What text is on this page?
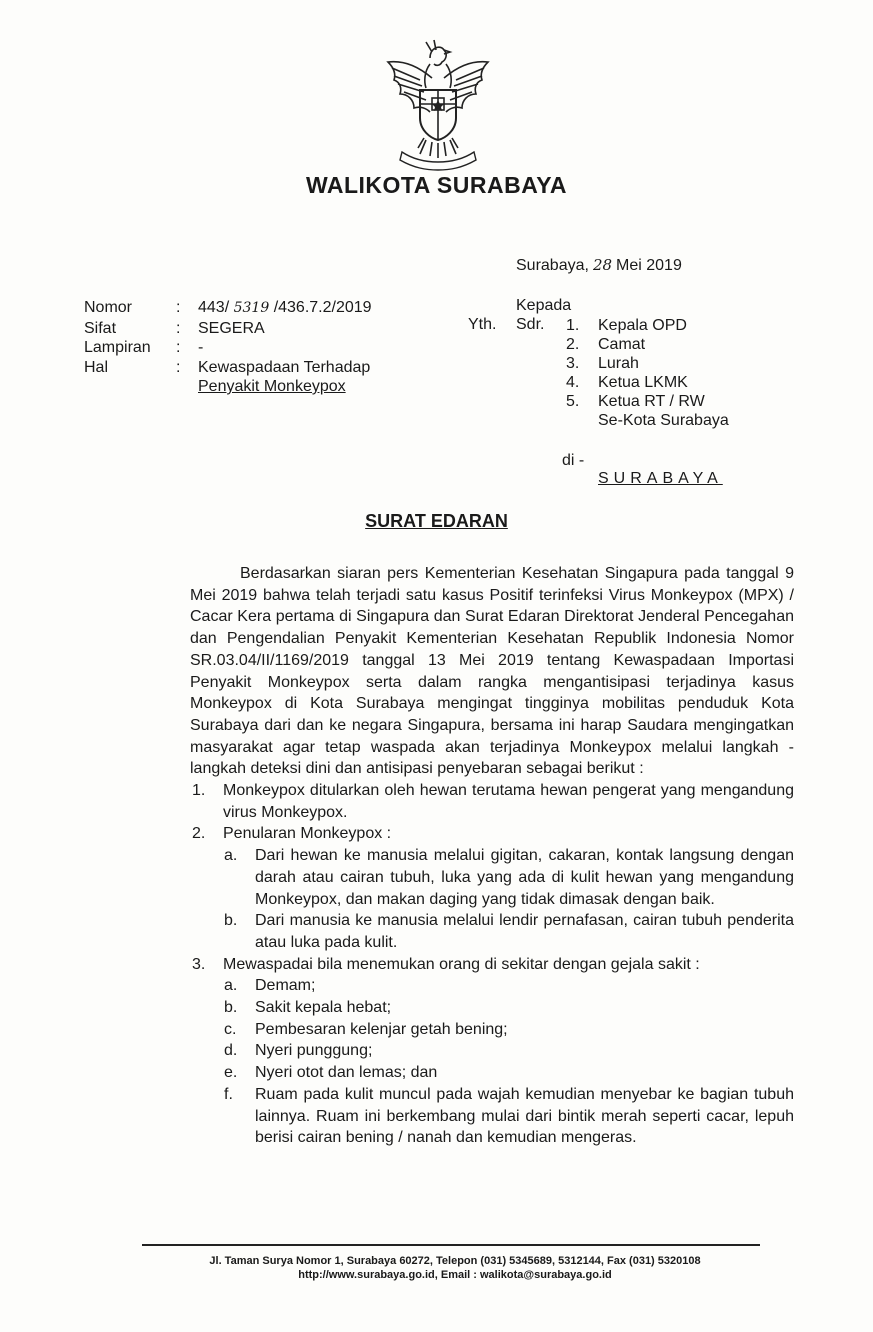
WALIKOTA SURABAYA
Surabaya, 28 Mei 2019
Nomor	:	443/ 5319 /436.7.2/2019
Sifat	:	SEGERA
Lampiran	:	-
Hal	:	Kewaspadaan Terhadap
Penyakit Monkeypox
Kepada
Yth. Sdr. 1.	Kepala OPD
2.	Camat
3.	Lurah
4.	Ketua LKMK
5.	Ketua RT / RW
Se-Kota Surabaya
di -
SURABAYA
SURAT EDARAN

Berdasarkan siaran pers Kementerian Kesehatan Singapura pada tanggal 9 Mei 2019 bahwa telah terjadi satu kasus Positif terinfeksi Virus Monkeypox (MPX) / Cacar Kera pertama di Singapura dan Surat Edaran Direktorat Jenderal Pencegahan dan Pengendalian Penyakit Kementerian Kesehatan Republik Indonesia Nomor SR.03.04/II/1169/2019 tanggal 13 Mei 2019 tentang Kewaspadaan Importasi Penyakit Monkeypox serta dalam rangka mengantisipasi terjadinya kasus Monkeypox di Kota Surabaya mengingat tingginya mobilitas penduduk Kota Surabaya dari dan ke negara Singapura, bersama ini harap Saudara mengingatkan masyarakat agar tetap waspada akan terjadinya Monkeypox melalui langkah - langkah deteksi dini dan antisipasi penyebaran sebagai berikut :

1. Monkeypox ditularkan oleh hewan terutama hewan pengerat yang mengandung virus Monkeypox.
2. Penularan Monkeypox :
a. Dari hewan ke manusia melalui gigitan, cakaran, kontak langsung dengan darah atau cairan tubuh, luka yang ada di kulit hewan yang mengandung Monkeypox, dan makan daging yang tidak dimasak dengan baik.
b. Dari manusia ke manusia melalui lendir pernafasan, cairan tubuh penderita atau luka pada kulit.
3. Mewaspadai bila menemukan orang di sekitar dengan gejala sakit :
a. Demam;
b. Sakit kepala hebat;
c. Pembesaran kelenjar getah bening;
d. Nyeri punggung;
e. Nyeri otot dan lemas; dan
f. Ruam pada kulit muncul pada wajah kemudian menyebar ke bagian tubuh lainnya. Ruam ini berkembang mulai dari bintik merah seperti cacar, lepuh berisi cairan bening / nanah dan kemudian mengeras.
Jl. Taman Surya Nomor 1, Surabaya 60272, Telepon (031) 5345689, 5312144, Fax (031) 5320108
http://www.surabaya.go.id, Email : walikota@surabaya.go.id
